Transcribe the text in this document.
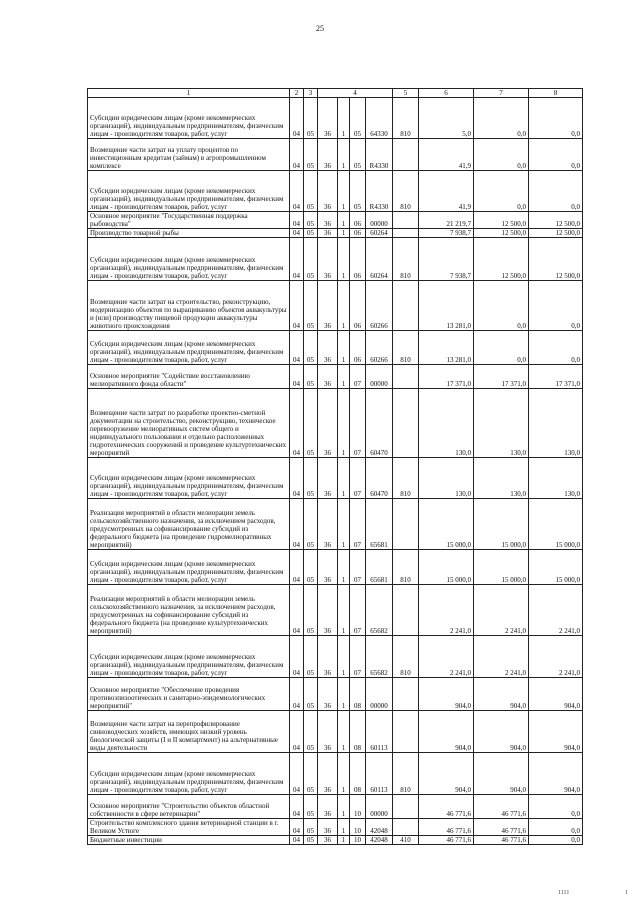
25
1	2	3	4				5	6	7	8
Субсидии юридическим лицам (кроме некоммерческих организаций), индивидуальным предпринимателям, физическим лицам - производителям товаров, работ, услуг	04	05	36	1	05	64330	810	5,0	0,0	0,0
Возмещение части затрат на уплату процентов по инвестиционным кредитам (займам) в агропромышленном комплексе	04	05	36	1	05	R4330		41,9	0,0	0,0
Субсидии юридическим лицам (кроме некоммерческих организаций), индивидуальным предпринимателям, физическим лицам - производителям товаров, работ, услуг	04	05	36	1	05	R4330	810	41,9	0,0	0,0
Основное мероприятие "Государственная поддержка рыбоводства"	04	05	36	1	06	00000		21 219,7	12 500,0	12 500,0
Производство товарной рыбы	04	05	36	1	06	60264		7 938,7	12 500,0	12 500,0
Субсидии юридическим лицам (кроме некоммерческих организаций), индивидуальным предпринимателям, физическим лицам - производителям товаров, работ, услуг	04	05	36	1	06	60264	810	7 938,7	12 500,0	12 500,0
Возмещение части затрат на строительство, реконструкцию, модернизацию объектов по выращиванию объектов аквакультуры и (или) производству пищевой продукции аквакультуры животного происхождения	04	05	36	1	06	60266		13 281,0	0,0	0,0
Субсидии юридическим лицам (кроме некоммерческих организаций), индивидуальным предпринимателям, физическим лицам - производителям товаров, работ, услуг	04	05	36	1	06	60266	810	13 281,0	0,0	0,0
Основное мероприятие "Содействие восстановлению мелиоративного фонда области"	04	05	36	1	07	00000		17 371,0	17 371,0	17 371,0
Возмещение части затрат по разработке проектно-сметной документации на строительство, реконструкцию, техническое перевооружение мелиоративных систем общего и индивидуального пользования и отдельно расположенных гидротехнических сооружений и проведение культуртехнических мероприятий	04	05	36	1	07	60470		130,0	130,0	130,0
Субсидии юридическим лицам (кроме некоммерческих организаций), индивидуальным предпринимателям, физическим лицам - производителям товаров, работ, услуг	04	05	36	1	07	60470	810	130,0	130,0	130,0
Реализация мероприятий в области мелиорации земель сельскохозяйственного назначения, за исключением расходов, предусмотренных на софинансирование субсидий из федерального бюджета (на проведение гидромелиоративных мероприятий)	04	05	36	1	07	65681		15 000,0	15 000,0	15 000,0
Субсидии юридическим лицам (кроме некоммерческих организаций), индивидуальным предпринимателям, физическим лицам - производителям товаров, работ, услуг	04	05	36	1	07	65681	810	15 000,0	15 000,0	15 000,0
Реализация мероприятий в области мелиорации земель сельскохозяйственного назначения, за исключением расходов, предусмотренных на софинансирование субсидий из федерального бюджета (на проведение культуртехнических мероприятий)	04	05	36	1	07	65682		2 241,0	2 241,0	2 241,0
Субсидии юридическим лицам (кроме некоммерческих организаций), индивидуальным предпринимателям, физическим лицам - производителям товаров, работ, услуг	04	05	36	1	07	65682	810	2 241,0	2 241,0	2 241,0
Основное мероприятие "Обеспечение проведения противоэпизоотических и санитарно-эпидемиологических мероприятий"	04	05	36	1	08	00000		904,0	904,0	904,0
Возмещение части затрат на перепрофилирование свиноводческих хозяйств, имеющих низкий уровень биологической защиты (I и II компартмент) на альтернативные виды деятельности	04	05	36	1	08	60113		904,0	904,0	904,0
Субсидии юридическим лицам (кроме некоммерческих организаций), индивидуальным предпринимателям, физическим лицам - производителям товаров, работ, услуг	04	05	36	1	08	60113	810	904,0	904,0	904,0
Основное мероприятие "Строительство объектов областной собственности в сфере ветеринарии"	04	05	36	1	10	00000		46 771,6	46 771,6	0,0
Строительство комплексного здания ветеринарной станции в г. Великом Устюге	04	05	36	1	10	42048		46 771,6	46 771,6	0,0
Бюджетные инвестиции	04	05	36	1	10	42048	410	46 771,6	46 771,6	0,0
1111	1
